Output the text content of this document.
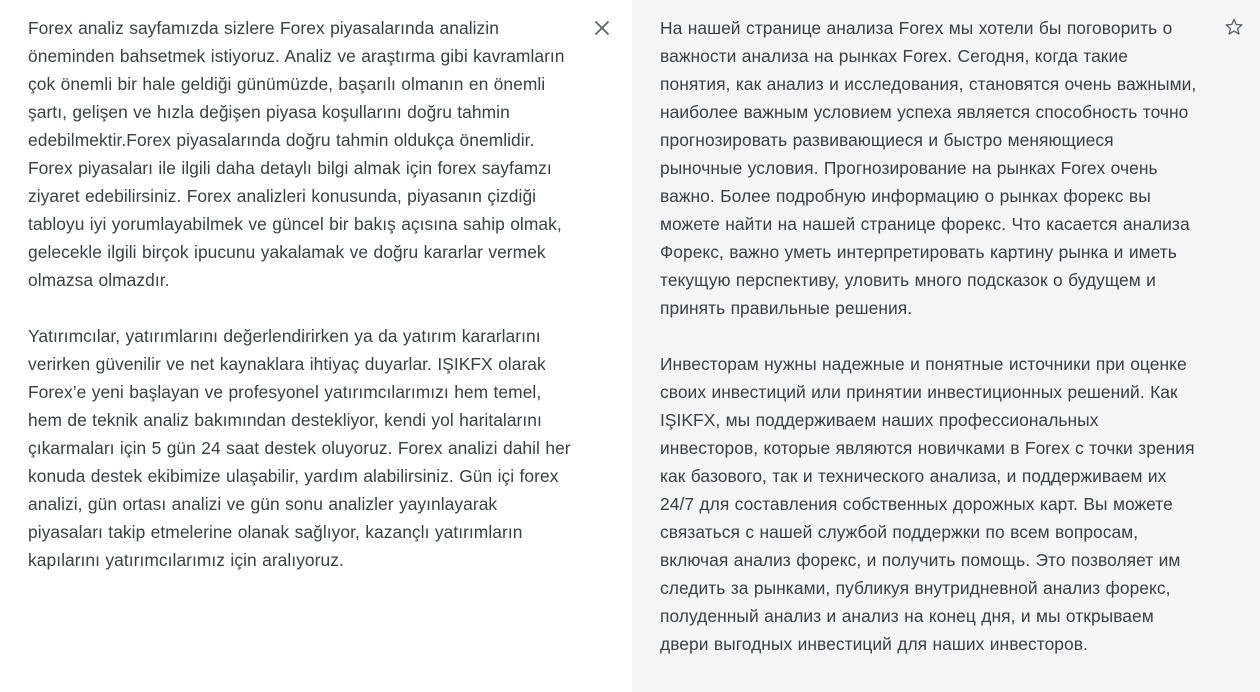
Forex analiz sayfamızda sizlere Forex piyasalarında analizin öneminden bahsetmek istiyoruz. Analiz ve araştırma gibi kavramların çok önemli bir hale geldiği günümüzde, başarılı olmanın en önemli şartı, gelişen ve hızla değişen piyasa koşullarını doğru tahmin edebilmektir.Forex piyasalarında doğru tahmin oldukça önemlidir. Forex piyasaları ile ilgili daha detaylı bilgi almak için forex sayfamzı ziyaret edebilirsiniz. Forex analizleri konusunda, piyasanın çizdiği tabloyu iyi yorumlayabilmek ve güncel bir bakış açısına sahip olmak, gelecekle ilgili birçok ipucunu yakalamak ve doğru kararlar vermek olmazsa olmazdır.
Yatırımcılar, yatırımlarını değerlendirirken ya da yatırım kararlarını verirken güvenilir ve net kaynaklara ihtiyaç duyarlar. IŞIKFX olarak Forex’e yeni başlayan ve profesyonel yatırımcılarımızı hem temel, hem de teknik analiz bakımından destekliyor, kendi yol haritalarını çıkarmaları için 5 gün 24 saat destek oluyoruz. Forex analizi dahil her konuda destek ekibimize ulaşabilir, yardım alabilirsiniz. Gün içi forex analizi, gün ortası analizi ve gün sonu analizler yayınlayarak piyasaları takip etmelerine olanak sağlıyor, kazançlı yatırımların kapılarını yatırımcılarımız için aralıyoruz.
На нашей странице анализа Forex мы хотели бы поговорить о важности анализа на рынках Forex. Сегодня, когда такие понятия, как анализ и исследования, становятся очень важными, наиболее важным условием успеха является способность точно прогнозировать развивающиеся и быстро меняющиеся рыночные условия. Прогнозирование на рынках Forex очень важно. Более подробную информацию о рынках форекс вы можете найти на нашей странице форекс. Что касается анализа Форекс, важно уметь интерпретировать картину рынка и иметь текущую перспективу, уловить много подсказок о будущем и принять правильные решения.
Инвесторам нужны надежные и понятные источники при оценке своих инвестиций или принятии инвестиционных решений. Как IŞIKFX, мы поддерживаем наших профессиональных инвесторов, которые являются новичками в Forex с точки зрения как базового, так и технического анализа, и поддерживаем их 24/7 для составления собственных дорожных карт. Вы можете связаться с нашей службой поддержки по всем вопросам, включая анализ форекс, и получить помощь. Это позволяет им следить за рынками, публикуя внутридневной анализ форекс, полуденный анализ и анализ на конец дня, и мы открываем двери выгодных инвестиций для наших инвесторов.
